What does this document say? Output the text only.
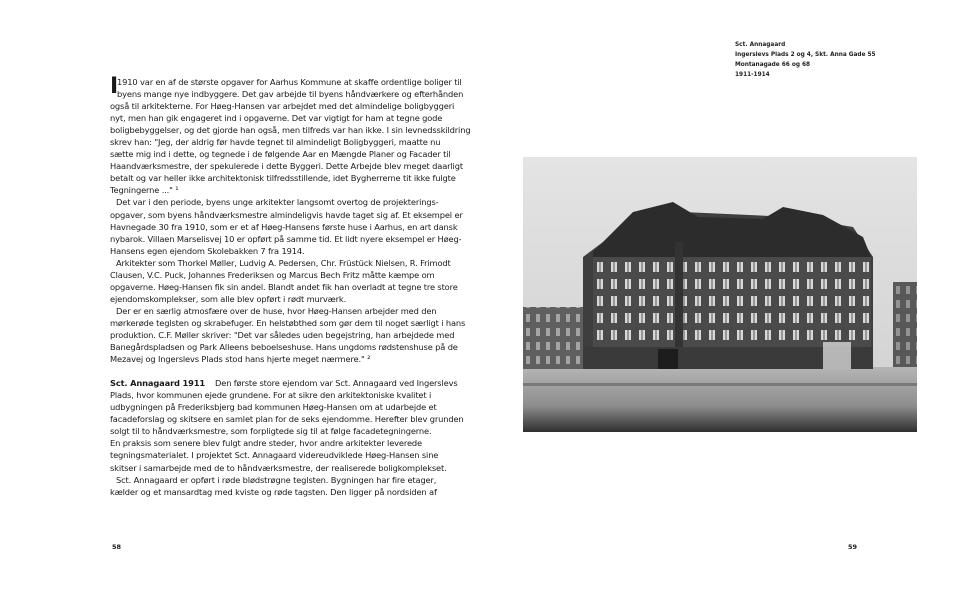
I
1910 var en af de største opgaver for Aarhus Kommune at skaffe ordentlige boliger til
byens mange nye indbyggere. Det gav arbejde til byens håndværkere og efterhånden
også til arkitekterne. For Høeg-Hansen var arbejdet med det almindelige boligbyggeri
nyt, men han gik engageret ind i opgaverne. Det var vigtigt for ham at tegne gode
boligbebyggelser, og det gjorde han også, men tilfreds var han ikke. I sin levnedsskildring
skrev han: "Jeg, der aldrig før havde tegnet til almindeligt Boligbyggeri, maatte nu
sætte mig ind i dette, og tegnede i de følgende Aar en Mængde Planer og Facader til
Haandværksmestre, der spekulerede i dette Byggeri. Dette Arbejde blev meget daarligt
betalt og var heller ikke architektonisk tilfredsstillende, idet Bygherrerne tit ikke fulgte
Tegningerne ..." ¹
Det var i den periode, byens unge arkitekter langsomt overtog de projekterings-
opgaver, som byens håndværksmestre almindeligvis havde taget sig af. Et eksempel er
Havnegade 30 fra 1910, som er et af Høeg-Hansens første huse i Aarhus, en art dansk
nybarok. Villaen Marselisvej 10 er opført på samme tid. Et lidt nyere eksempel er Høeg-
Hansens egen ejendom Skolebakken 7 fra 1914.
Arkitekter som Thorkel Møller, Ludvig A. Pedersen, Chr. Früstück Nielsen, R. Frimodt
Clausen, V.C. Puck, Johannes Frederiksen og Marcus Bech Fritz måtte kæmpe om
opgaverne. Høeg-Hansen fik sin andel. Blandt andet fik han overladt at tegne tre store
ejendomskomplekser, som alle blev opført i rødt murværk.
Der er en særlig atmosfære over de huse, hvor Høeg-Hansen arbejder med den
mørkerøde teglsten og skrabefuger. En helstøbthed som gør dem til noget særligt i hans
produktion. C.F. Møller skriver: "Det var således uden begejstring, han arbejdede med
Banegårdspladsen og Park Alleens beboelseshuse. Hans ungdoms rødstenshuse på de
Mezavej og Ingerslevs Plads stod hans hjerte meget nærmere." ²
Sct. Annagaard 1911 Den første store ejendom var Sct. Annagaard ved Ingerslevs
Plads, hvor kommunen ejede grundene. For at sikre den arkitektoniske kvalitet i
udbygningen på Frederiksbjerg bad kommunen Høeg-Hansen om at udarbejde et
facadeforslag og skitsere en samlet plan for de seks ejendomme. Herefter blev grunden
solgt til to håndværksmestre, som forpligtede sig til at følge facadetegningerne.
En praksis som senere blev fulgt andre steder, hvor andre arkitekter leverede
tegningsmaterialet. I projektet Sct. Annagaard videreudviklede Høeg-Hansen sine
skitser i samarbejde med de to håndværksmestre, der realiserede boligkomplekset.
Sct. Annagaard er opført i røde blødstrøgne teglsten. Bygningen har fire etager,
kælder og et mansardtag med kviste og røde tagsten. Den ligger på nordsiden af
58
Sct. Annagaard
Ingerslevs Plads 2 og 4, Skt. Anna Gade 55
Montanagade 66 og 68
1911-1914
59
